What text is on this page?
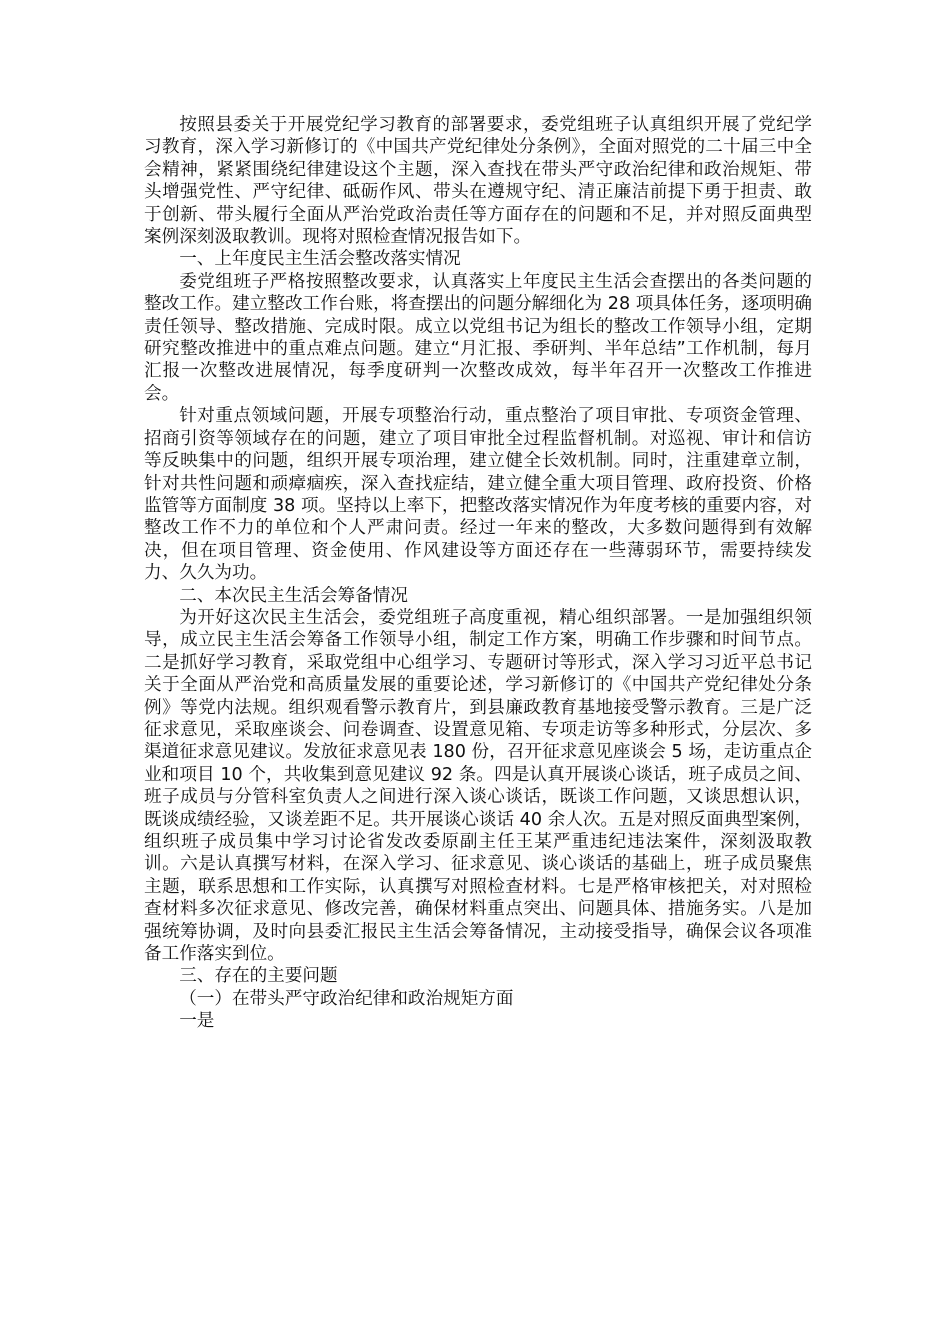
按照县委关于开展党纪学习教育的部署要求，委党组班子认真组织开展了党纪学习教育，深入学习新修订的《中国共产党纪律处分条例》，全面对照党的二十届三中全会精神，紧紧围绕纪律建设这个主题，深入查找在带头严守政治纪律和政治规矩、带头增强党性、严守纪律、砥砺作风、带头在遵规守纪、清正廉洁前提下勇于担责、敢于创新、带头履行全面从严治党政治责任等方面存在的问题和不足，并对照反面典型案例深刻汲取教训。现将对照检查情况报告如下。

一、上年度民主生活会整改落实情况

委党组班子严格按照整改要求，认真落实上年度民主生活会查摆出的各类问题的整改工作。建立整改工作台账，将查摆出的问题分解细化为 28 项具体任务，逐项明确责任领导、整改措施、完成时限。成立以党组书记为组长的整改工作领导小组，定期研究整改推进中的重点难点问题。建立“月汇报、季研判、半年总结”工作机制，每月汇报一次整改进展情况，每季度研判一次整改成效，每半年召开一次整改工作推进会。

针对重点领域问题，开展专项整治行动，重点整治了项目审批、专项资金管理、招商引资等领域存在的问题，建立了项目审批全过程监督机制。对巡视、审计和信访等反映集中的问题，组织开展专项治理，建立健全长效机制。同时，注重建章立制，针对共性问题和顽瘴痼疾，深入查找症结，建立健全重大项目管理、政府投资、价格监管等方面制度 38 项。坚持以上率下，把整改落实情况作为年度考核的重要内容，对整改工作不力的单位和个人严肃问责。经过一年来的整改，大多数问题得到有效解决，但在项目管理、资金使用、作风建设等方面还存在一些薄弱环节，需要持续发力、久久为功。

二、本次民主生活会筹备情况

为开好这次民主生活会，委党组班子高度重视，精心组织部署。一是加强组织领导，成立民主生活会筹备工作领导小组，制定工作方案，明确工作步骤和时间节点。二是抓好学习教育，采取党组中心组学习、专题研讨等形式，深入学习习近平总书记关于全面从严治党和高质量发展的重要论述，学习新修订的《中国共产党纪律处分条例》等党内法规。组织观看警示教育片，到县廉政教育基地接受警示教育。三是广泛征求意见，采取座谈会、问卷调查、设置意见箱、专项走访等多种形式，分层次、多渠道征求意见建议。发放征求意见表 180 份，召开征求意见座谈会 5 场，走访重点企业和项目 10 个，共收集到意见建议 92 条。四是认真开展谈心谈话，班子成员之间、班子成员与分管科室负责人之间进行深入谈心谈话，既谈工作问题，又谈思想认识，既谈成绩经验，又谈差距不足。共开展谈心谈话 40 余人次。五是对照反面典型案例，组织班子成员集中学习讨论省发改委原副主任王某严重违纪违法案件，深刻汲取教训。六是认真撰写材料，在深入学习、征求意见、谈心谈话的基础上，班子成员聚焦主题，联系思想和工作实际，认真撰写对照检查材料。七是严格审核把关，对对照检查材料多次征求意见、修改完善，确保材料重点突出、问题具体、措施务实。八是加强统筹协调，及时向县委汇报民主生活会筹备情况，主动接受指导，确保会议各项准备工作落实到位。

三、存在的主要问题

（一）在带头严守政治纪律和政治规矩方面

一是
